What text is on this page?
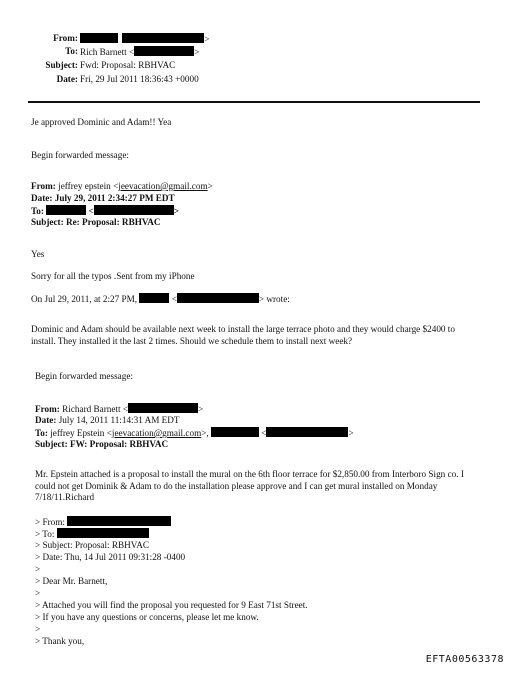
From:	>
To: Rich Barnett <	>
Subject: Fwd: Proposal: RBHVAC
Date: Fri, 29 Jul 2011 18:36:43 +0000
Je approved Dominic and Adam!! Yea
Begin forwarded message:
From: jeffrey epstein <jeevacation@gmail.com>
Date: July 29, 2011 2:34:27 PM EDT
To:	<	>
Subject: Re: Proposal: RBHVAC
Yes
Sorry for all the typos .Sent from my iPhone
On Jul 29, 2011, at 2:27 PM,	<	> wrote:
Dominic and Adam should be available next week to install the large terrace photo and they would charge $2400 to install. They installed it the last 2 times. Should we schedule them to install next week?
Begin forwarded message:
From: Richard Barnett <	>
Date: July 14, 2011 11:14:31 AM EDT
To: jeffrey Epstein <jeevacation@gmail.com>,	<	>
Subject: FW: Proposal: RBHVAC
Mr. Epstein attached is a proposal to install the mural on the 6th floor terrace for $2,850.00 from Interboro Sign co. I could not get Dominik & Adam to do the installation please approve and I can get mural installed on Monday 7/18/11.Richard
> From:
> To:
> Subject: Proposal: RBHVAC
> Date: Thu, 14 Jul 2011 09:31:28 -0400
>
> Dear Mr. Barnett,
>
> Attached you will find the proposal you requested for 9 East 71st Street.
> If you have any questions or concerns, please let me know.
>
> Thank you,
EFTA00563378
